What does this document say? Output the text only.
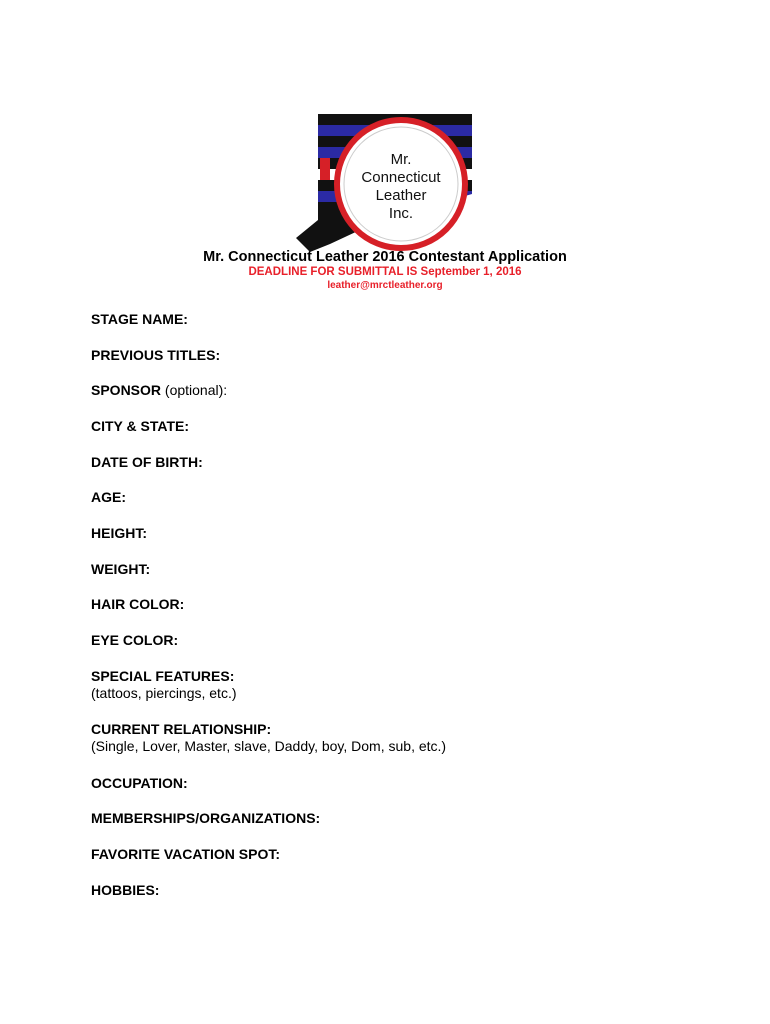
Mr.
Connecticut
Leather
Inc.
Mr. Connecticut Leather 2016 Contestant Application
DEADLINE FOR SUBMITTAL IS September 1, 2016
leather@mrctleather.org
STAGE NAME:
PREVIOUS TITLES:
SPONSOR (optional):
CITY & STATE:
DATE OF BIRTH:
AGE:
HEIGHT:
WEIGHT:
HAIR COLOR:
EYE COLOR:
SPECIAL FEATURES:
(tattoos, piercings, etc.)
CURRENT RELATIONSHIP:
(Single, Lover, Master, slave, Daddy, boy, Dom, sub, etc.)
OCCUPATION:
MEMBERSHIPS/ORGANIZATIONS:
FAVORITE VACATION SPOT:
HOBBIES:
